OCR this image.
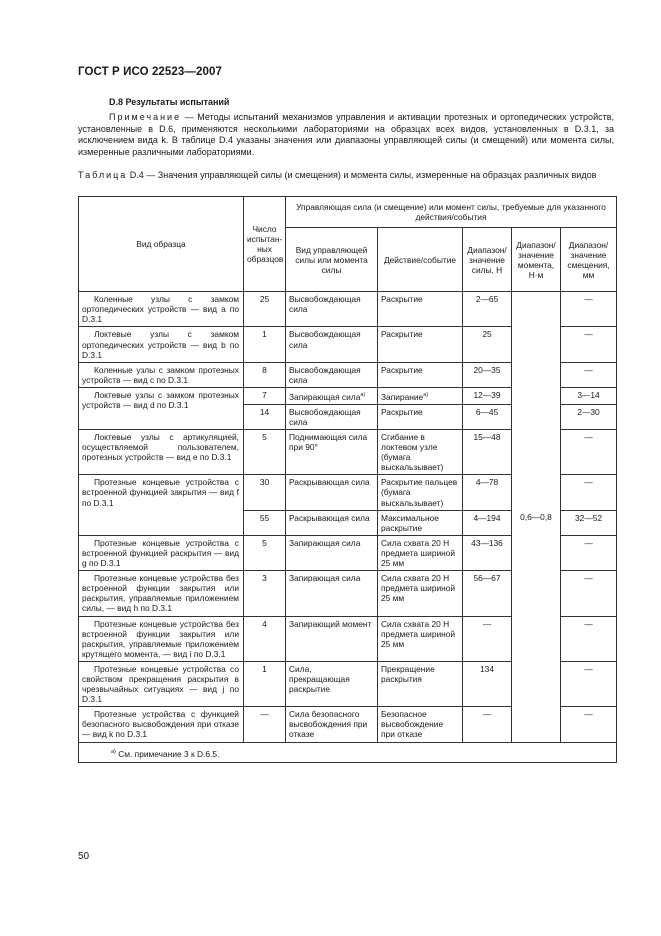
ГОСТ Р ИСО 22523—2007
D.8 Результаты испытаний
Примечание — Методы испытаний механизмов управления и активации протезных и ортопедических устройств, установленные в D.6, применяются несколькими лабораториями на образцах всех видов, установленных в D.3.1, за исключением вида k. В таблице D.4 указаны значения или диапазоны управляющей силы (и смещений) или момента силы, измеренные различными лабораториями.
Таблица D.4 — Значения управляющей силы (и смещения) и момента силы, измеренные на образцах различных видов
Вид образца	Число испытан-ных образцов	Управляющая сила (и смещение) или момент силы, требуемые для указанного действия/события				
		Вид управляющей силы или момента силы	Действие/событие	Диапазон/ значение силы, Н	Диапазон/ значение момента, Н·м	Диапазон/ значение смещения, мм
Коленные узлы с замком ортопедических устройств — вид а по D.3.1	25	Высвобождающая сила	Раскрытие	2—65	0,6—0,8	—
Локтевые узлы с замком ортопедических устройств — вид b по D.3.1	1	Высвобождающая сила	Раскрытие	25		—
Коленные узлы с замком протезных устройств — вид с по D.3.1	8	Высвобождающая сила	Раскрытие	20—35		—
Локтевые узлы с замком протезных устройств — вид d по D.3.1	7	Запирающая сила$^{а)}$	Запирание$^{а)}$	12—39		3—14
	14	Высвобождающая сила	Раскрытие	6—45		2—30
Локтевые узлы с артикуляцией, осуществляемой пользователем, протезных устройств — вид е по D.3.1	5	Поднимающая сила при 90°	Сгибание в локтевом узле (бумага выскальзывает)	15—48		—
Протезные концевые устройства с встроенной функцией закрытия — вид f по D.3.1	30	Раскрывающая сила	Раскрытие пальцев (бумага выскальзывает)	4—78		—
	55	Раскрывающая сила	Максимальное раскрытие	4—194		32—52
Протезные концевые устройства с встроенной функцией раскрытия — вид g по D.3.1	5	Запирающая сила	Сила схвата 20 Н предмета шириной 25 мм	43—136		—
Протезные концевые устройства без встроенной функции закрытия или раскрытия, управляемые приложением силы, — вид h по D.3.1	3	Запирающая сила	Сила схвата 20 Н предмета шириной 25 мм	56—67		—
Протезные концевые устройства без встроенной функции закрытия или раскрытия, управляемые приложением крутящего момента, — вид i по D.3.1	4	Запирающий момент	Сила схвата 20 Н предмета шириной 25 мм	—		—
Протезные концевые устройства со свойством прекращения раскрытия в чрезвычайных ситуациях — вид j по D.3.1	1	Сила, прекращающая раскрытие	Прекращение раскрытия	134		—
Протезные устройства с функцией безопасного высвобождения при отказе — вид k по D.3.1	—	Сила безопасного высвобождения при отказе	Безопасное высвобождение при отказе	—		—
$^{а)}$ См. примечание 3 к D.6.5.						
50
